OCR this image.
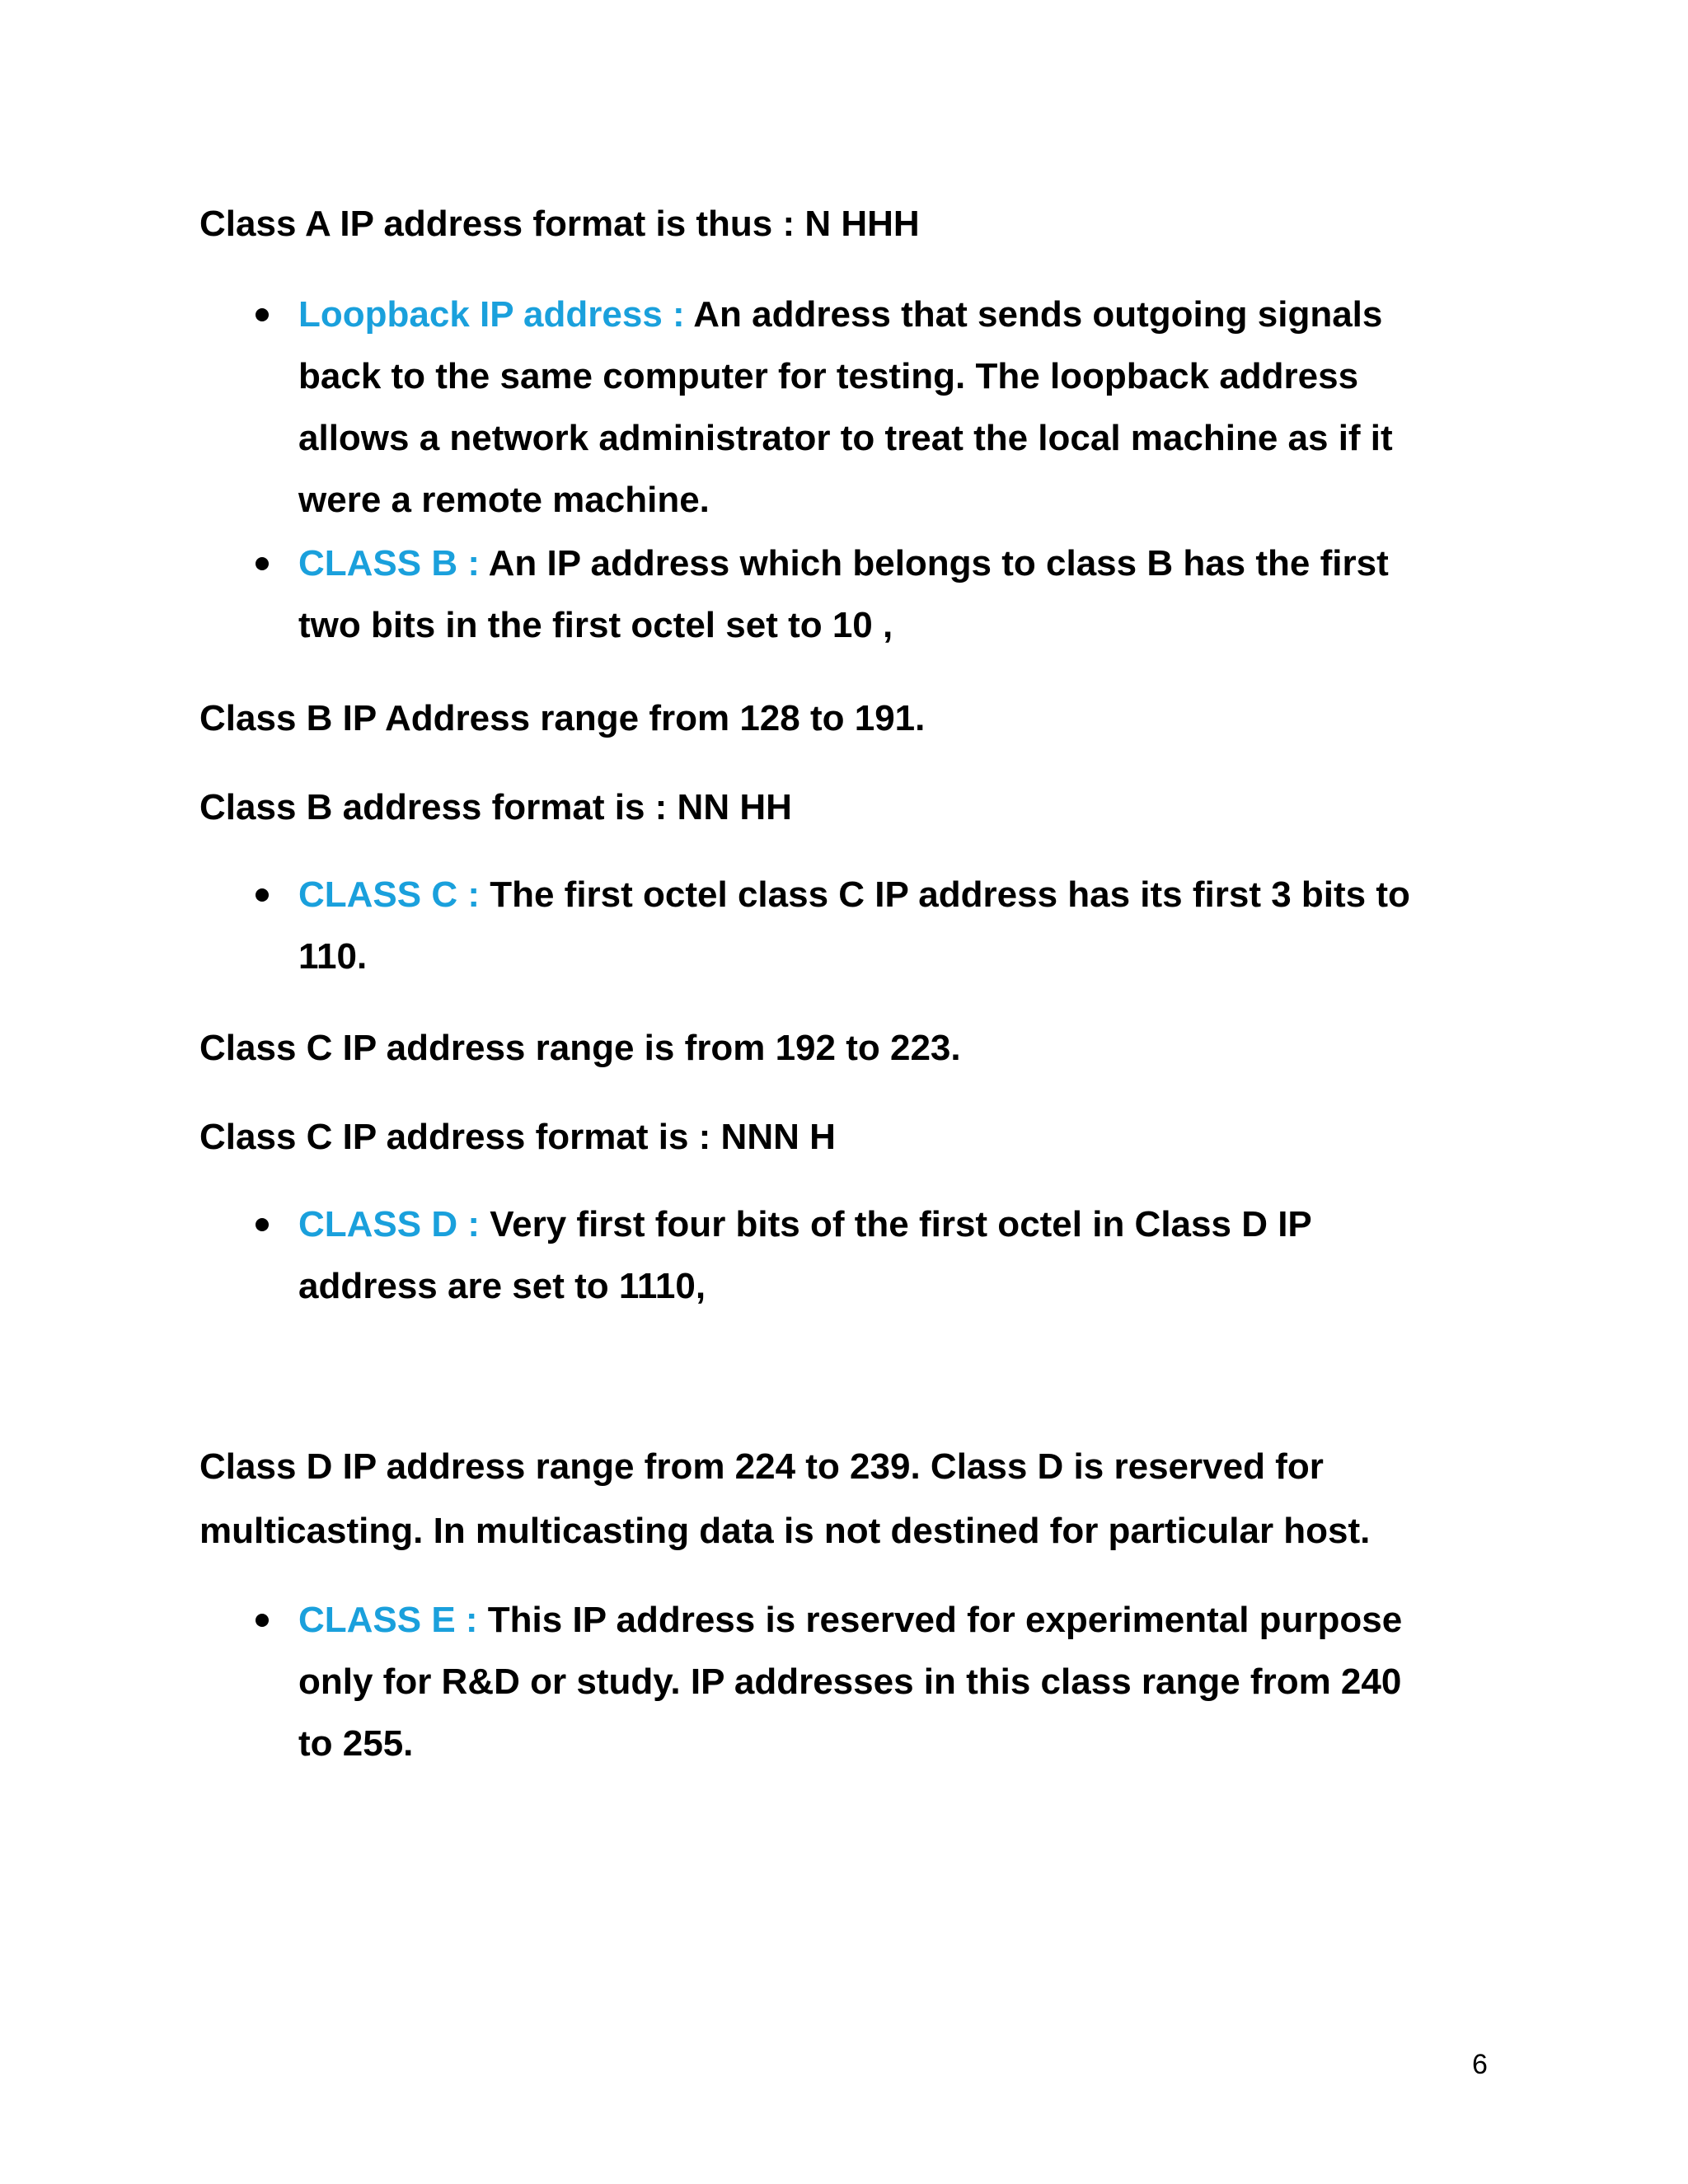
Class A IP address format is thus : N HHH

Loopback IP address : An address that sends outgoing signals
back to the same computer for testing. The loopback address
allows a network administrator to treat the local machine as if it
were a remote machine.
CLASS B : An IP address which belongs to class B has the first
two bits in the first octel set to 10 ,

Class B IP Address range from 128 to 191.

Class B address format is : NN HH

CLASS C : The first octel class C IP address has its first 3 bits to
110.

Class C IP address range is from 192 to 223.

Class C IP address format is : NNN H

CLASS D : Very first four bits of the first octel in Class D IP
address are set to 1110,

Class D IP address range from 224 to 239. Class D is reserved for

multicasting. In multicasting data is not destined for particular host.

CLASS E : This IP address is reserved for experimental purpose
only for R&D or study. IP addresses in this class range from 240
to 255.
6
